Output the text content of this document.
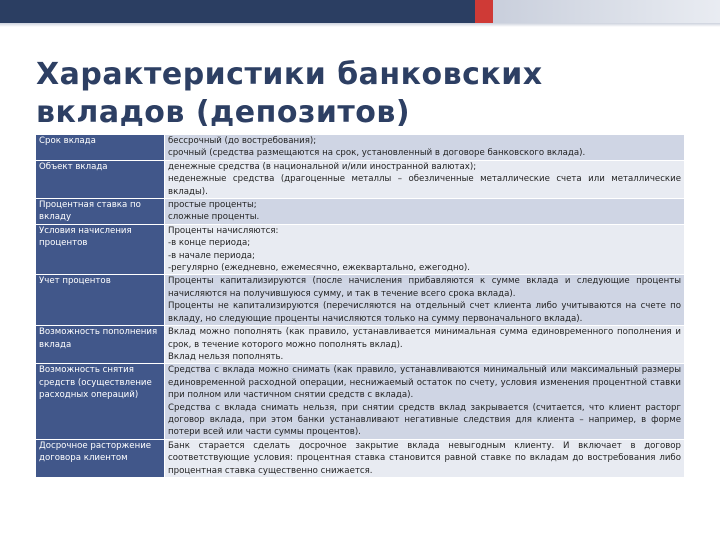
Характеристики банковских вкладов (депозитов)
Срок вклада	бессрочный (до востребования);
срочный (средства размещаются на срок, установленный в договоре банковского вклада).

Объект вклада	денежные средства (в национальной и/или иностранной валютах);
неденежные средства (драгоценные металлы – обезличенные металлические счета или металлические вклады).

Процентная ставка по вкладу	простые проценты;
сложные проценты.

Условия начисления процентов	Проценты начисляются:
-в конце периода;
-в начале периода;
-регулярно (ежедневно, ежемесячно, ежеквартально, ежегодно).

Учет процентов	Проценты капитализируются (после начисления прибавляются к сумме вклада и следующие проценты начисляются на получившуюся сумму, и так в течение всего срока вклада).
Проценты не капитализируются (перечисляются на отдельный счет клиента либо учитываются на счете по вкладу, но следующие проценты начисляются только на сумму первоначального вклада).

Возможность пополнения вклада	Вклад можно пополнять (как правило, устанавливается минимальная сумма единовременного пополнения и срок, в течение которого можно пополнять вклад).
Вклад нельзя пополнять.

Возможность снятия средств (осуществление расходных операций)	Средства с вклада можно снимать (как правило, устанавливаются минимальный или максимальный размеры единовременной расходной операции, неснижаемый остаток по счету, условия изменения процентной ставки при полном или частичном снятии средств с вклада).
Средства с вклада снимать нельзя, при снятии средств вклад закрывается (считается, что клиент расторг договор вклада, при этом банки устанавливают негативные следствия для клиента – например, в форме потери всей или части суммы процентов).

Досрочное расторжение договора клиентом	Банк старается сделать досрочное закрытие вклада невыгодным клиенту. И включает в договор соответствующие условия: процентная ставка становится равной ставке по вкладам до востребования либо процентная ставка существенно снижается.
